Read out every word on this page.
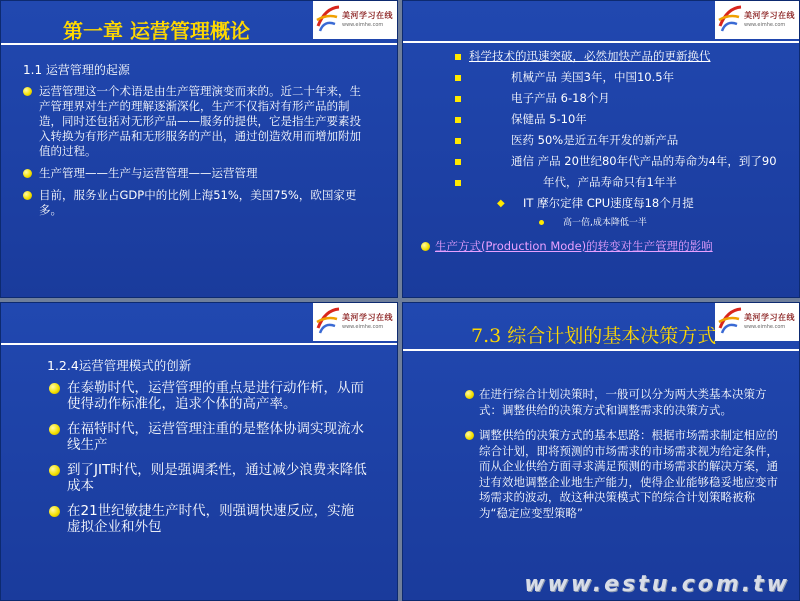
美河学习在线
www.eimhe.com
第一章 运营管理概论
1.1 运营管理的起源
运营管理这一个术语是由生产管理演变而来的。近二十年来，生产管理界对生产的理解逐渐深化，生产不仅指对有形产品的制造，同时还包括对无形产品——服务的提供，它是指生产要素投入转换为有形产品和无形服务的产出，通过创造效用而增加附加值的过程。
生产管理——生产与运营管理——运营管理
目前，服务业占GDP中的比例上海51%，美国75%，欧国家更多。
美河学习在线
www.eimhe.com
科学技术的迅速突破，必然加快产品的更新换代
机械产品 美国3年，中国10.5年
电子产品 6-18个月
保健品 5-10年
医药 50%是近五年开发的新产品
通信 产品 20世纪80年代产品的寿命为4年，到了90
年代，产品寿命只有1年半
◆ IT 摩尔定律 CPU速度每18个月提
高一倍,成本降低一半
生产方式(Production Mode)的转变对生产管理的影响
美河学习在线
www.eimhe.com
1.2.4运营管理模式的创新
在泰勒时代，运营管理的重点是进行动作析，从而使得动作标准化，追求个体的高产率。
在福特时代，运营管理注重的是整体协调实现流水线生产
到了JIT时代，则是强调柔性，通过减少浪费来降低成本
在21世纪敏捷生产时代，则强调快速反应，实施虚拟企业和外包
美河学习在线
www.eimhe.com
7.3 综合计划的基本决策方式
在进行综合计划决策时，一般可以分为两大类基本决策方式：调整供给的决策方式和调整需求的决策方式。
调整供给的决策方式的基本思路：根据市场需求制定相应的综合计划，即将预测的市场需求的市场需求视为给定条件，而从企业供给方面寻求满足预测的市场需求的解决方案，通过有效地调整企业地生产能力，使得企业能够稳妥地应变市场需求的波动，故这种决策模式下的综合计划策略被称为“稳定应变型策略”
www.estu.com.tw
